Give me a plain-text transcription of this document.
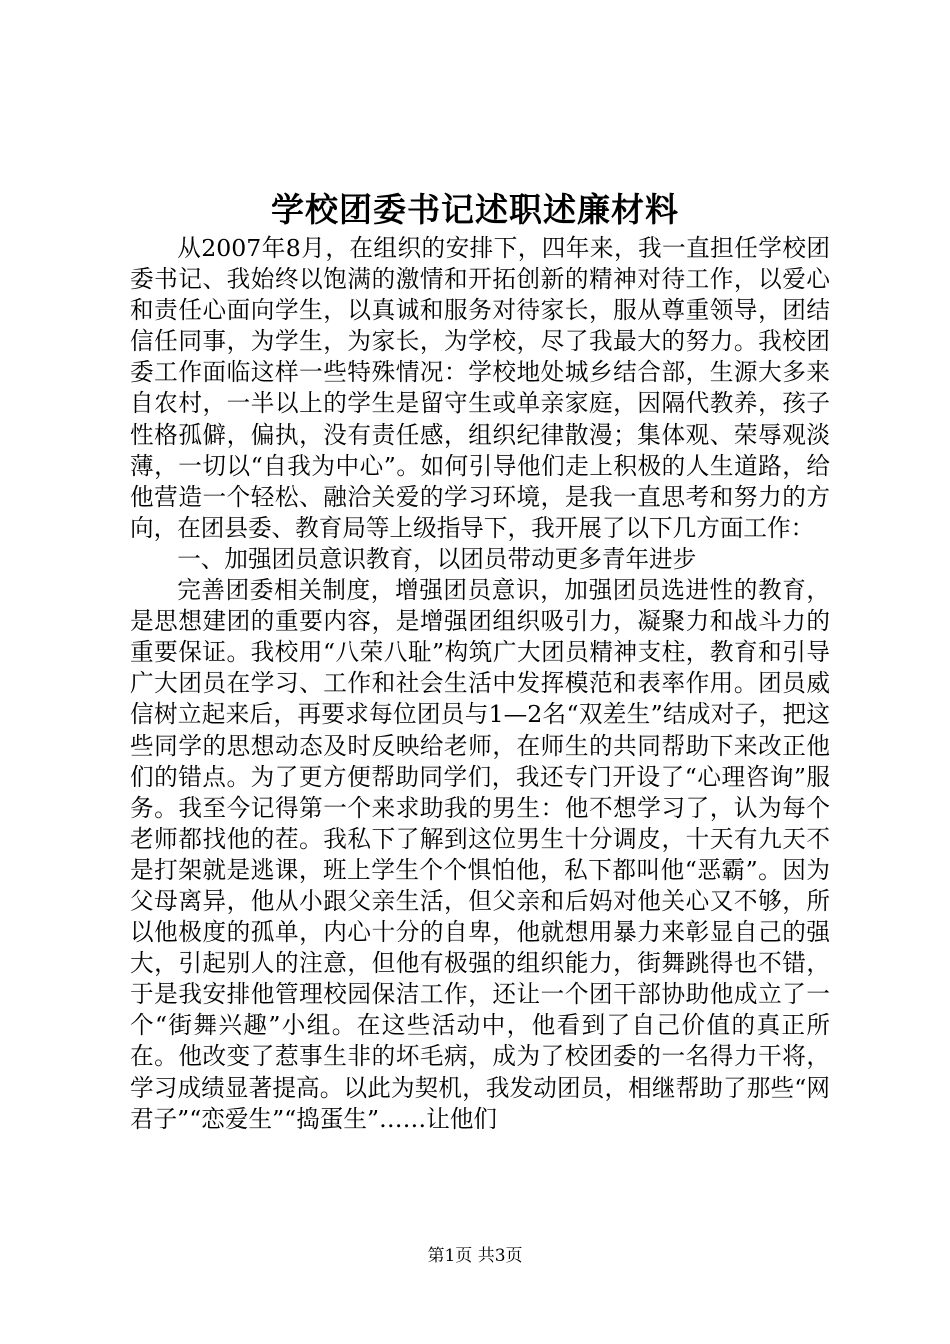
学校团委书记述职述廉材料

从2007年8月，在组织的安排下，四年来，我一直担任学校团委书记、我始终以饱满的激情和开拓创新的精神对待工作，以爱心和责任心面向学生，以真诚和服务对待家长，服从尊重领导，团结信任同事，为学生，为家长，为学校，尽了我最大的努力。我校团委工作面临这样一些特殊情况：学校地处城乡结合部，生源大多来自农村，一半以上的学生是留守生或单亲家庭，因隔代教养，孩子性格孤僻，偏执，没有责任感，组织纪律散漫；集体观、荣辱观淡薄，一切以“自我为中心”。如何引导他们走上积极的人生道路，给他营造一个轻松、融洽关爱的学习环境，是我一直思考和努力的方向，在团县委、教育局等上级指导下，我开展了以下几方面工作：

一、加强团员意识教育，以团员带动更多青年进步

完善团委相关制度，增强团员意识，加强团员选进性的教育，是思想建团的重要内容，是增强团组织吸引力，凝聚力和战斗力的重要保证。我校用“八荣八耻”构筑广大团员精神支柱，教育和引导广大团员在学习、工作和社会生活中发挥模范和表率作用。团员威信树立起来后，再要求每位团员与1—2名“双差生”结成对子，把这些同学的思想动态及时反映给老师，在师生的共同帮助下来改正他们的错点。为了更方便帮助同学们，我还专门开设了“心理咨询”服务。我至今记得第一个来求助我的男生：他不想学习了，认为每个老师都找他的茬。我私下了解到这位男生十分调皮，十天有九天不是打架就是逃课，班上学生个个惧怕他，私下都叫他“恶霸”。因为父母离异，他从小跟父亲生活，但父亲和后妈对他关心又不够，所以他极度的孤单，内心十分的自卑，他就想用暴力来彰显自己的强大，引起别人的注意，但他有极强的组织能力，街舞跳得也不错，于是我安排他管理校园保洁工作，还让一个团干部协助他成立了一个“街舞兴趣”小组。在这些活动中，他看到了自己价值的真正所在。他改变了惹事生非的坏毛病，成为了校团委的一名得力干将，学习成绩显著提高。以此为契机，我发动团员，相继帮助了那些“网君子”“恋爱生”“捣蛋生”……让他们

第1页 共3页
